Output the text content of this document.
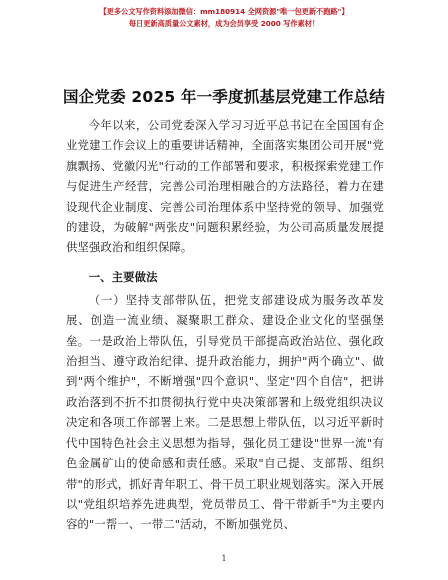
【更多公文写作资料添加微信：mm180914 全网资源"唯一包更新不跑路"】
每日更新高质量公文素材，成为会员享受 2000 写作素材！
国企党委 2025 年一季度抓基层党建工作总结

今年以来，公司党委深入学习习近平总书记在全国国有企业党建工作会议上的重要讲话精神，全面落实集团公司开展"党旗飘扬、党徽闪光"行动的工作部署和要求，积极探索党建工作与促进生产经营，完善公司治理相融合的方法路径，着力在建设现代企业制度、完善公司治理体系中坚持党的领导、加强党的建设，为破解"两张皮"问题积累经验，为公司高质量发展提供坚强政治和组织保障。

一、主要做法

（一）坚持支部带队伍，把党支部建设成为服务改革发展、创造一流业绩、凝聚职工群众、建设企业文化的坚强堡垒。一是政治上带队伍，引导党员干部提高政治站位、强化政治担当、遵守政治纪律、提升政治能力，拥护"两个确立"、做到"两个维护"，不断增强"四个意识"、坚定"四个自信"，把讲政治落到不折不扣贯彻执行党中央决策部署和上级党组织决议决定和各项工作部署上来。二是思想上带队伍，以习近平新时代中国特色社会主义思想为指导，强化员工建设"世界一流"有色金属矿山的使命感和责任感。采取"自己提、支部帮、组织带"的形式，抓好青年职工、骨干员工职业规划落实。深入开展以"党组织培养先进典型，党员带员工、骨干带新手"为主要内容的"一帮一、一带二"活动，不断加强党员、

1
